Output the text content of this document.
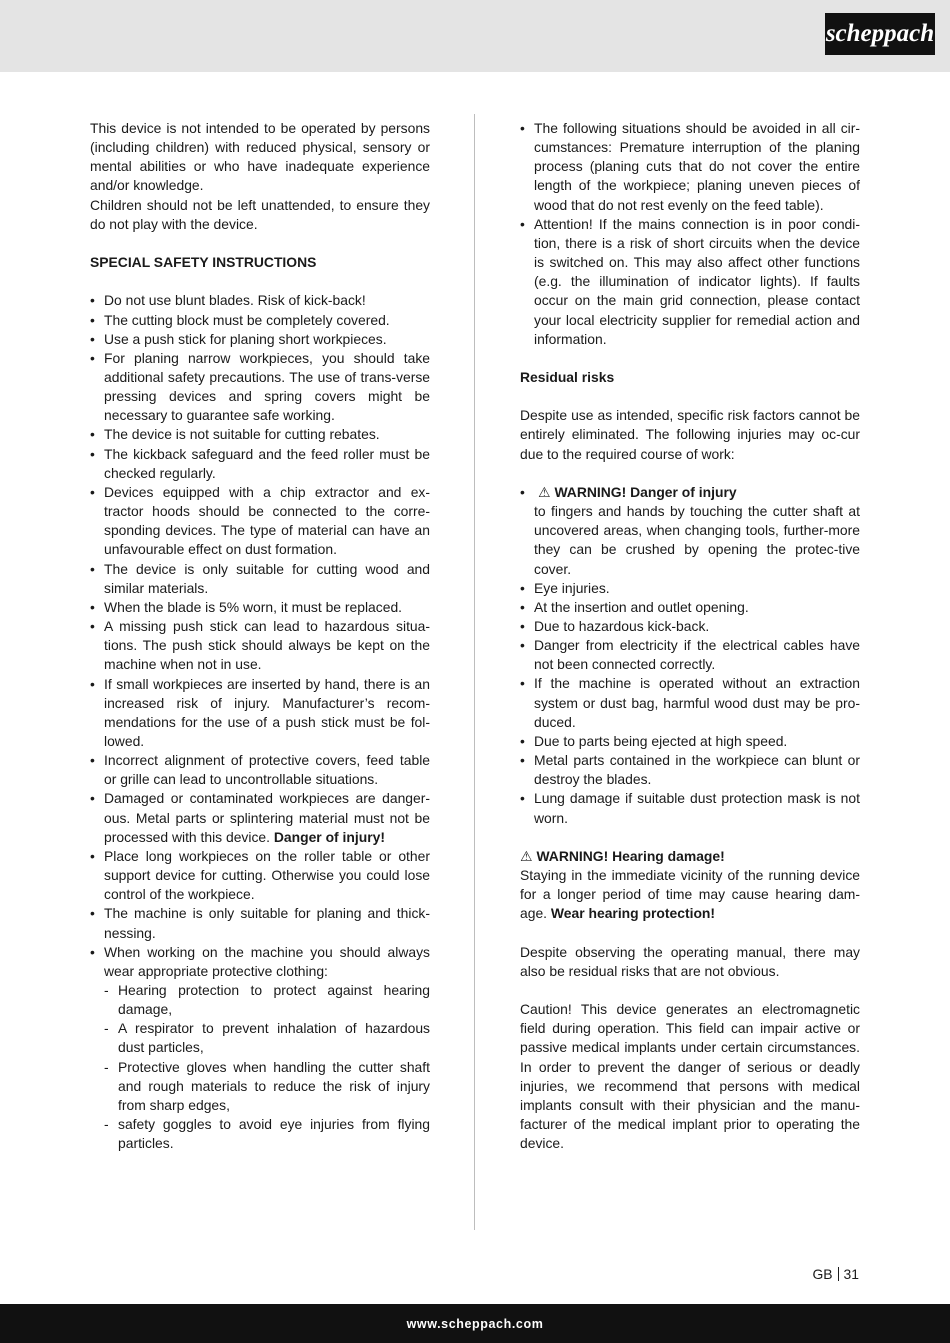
scheppach

This device is not intended to be operated by persons (including children) with reduced physical, sensory or mental abilities or who have inadequate experience and/or knowledge.

Children should not be left unattended, to ensure they do not play with the device.

SPECIAL SAFETY INSTRUCTIONS

• Do not use blunt blades. Risk of kick-back!
• The cutting block must be completely covered.
• Use a push stick for planing short workpieces.
• For planing narrow workpieces, you should take additional safety precautions. The use of trans-verse pressing devices and spring covers might be necessary to guarantee safe working.
• The device is not suitable for cutting rebates.
• The kickback safeguard and the feed roller must be checked regularly.
• Devices equipped with a chip extractor and ex-tractor hoods should be connected to the corre-sponding devices. The type of material can have an unfavourable effect on dust formation.
• The device is only suitable for cutting wood and similar materials.
• When the blade is 5% worn, it must be replaced.
• A missing push stick can lead to hazardous situa-tions. The push stick should always be kept on the machine when not in use.
• If small workpieces are inserted by hand, there is an increased risk of injury. Manufacturer’s recom-mendations for the use of a push stick must be fol-lowed.
• Incorrect alignment of protective covers, feed table or grille can lead to uncontrollable situations.
• Damaged or contaminated workpieces are danger-ous. Metal parts or splintering material must not be processed with this device. Danger of injury!
• Place long workpieces on the roller table or other support device for cutting. Otherwise you could lose control of the workpiece.
• The machine is only suitable for planing and thick-nessing.
• When working on the machine you should always wear appropriate protective clothing:
- Hearing protection to protect against hearing damage,
- A respirator to prevent inhalation of hazardous dust particles,
- Protective gloves when handling the cutter shaft and rough materials to reduce the risk of injury from sharp edges,
- safety goggles to avoid eye injuries from flying particles.
• The following situations should be avoided in all cir-cumstances: Premature interruption of the planing process (planing cuts that do not cover the entire length of the workpiece; planing uneven pieces of wood that do not rest evenly on the feed table).
• Attention! If the mains connection is in poor condi-tion, there is a risk of short circuits when the device is switched on. This may also affect other functions (e.g. the illumination of indicator lights). If faults occur on the main grid connection, please contact your local electricity supplier for remedial action and information.

Residual risks

Despite use as intended, specific risk factors cannot be entirely eliminated. The following injuries may oc-cur due to the required course of work:

• ⚠ WARNING! Danger of injury
to fingers and hands by touching the cutter shaft at uncovered areas, when changing tools, further-more they can be crushed by opening the protec-tive cover.
• Eye injuries.
• At the insertion and outlet opening.
• Due to hazardous kick-back.
• Danger from electricity if the electrical cables have not been connected correctly.
• If the machine is operated without an extraction system or dust bag, harmful wood dust may be pro-duced.
• Due to parts being ejected at high speed.
• Metal parts contained in the workpiece can blunt or destroy the blades.
• Lung damage if suitable dust protection mask is not worn.

⚠ WARNING! Hearing damage!

Staying in the immediate vicinity of the running device for a longer period of time may cause hearing dam-age. Wear hearing protection!

Despite observing the operating manual, there may also be residual risks that are not obvious.

Caution! This device generates an electromagnetic field during operation. This field can impair active or passive medical implants under certain circumstances. In order to prevent the danger of serious or deadly injuries, we recommend that persons with medical implants consult with their physician and the manu-facturer of the medical implant prior to operating the device.

GB 31
www.scheppach.com
